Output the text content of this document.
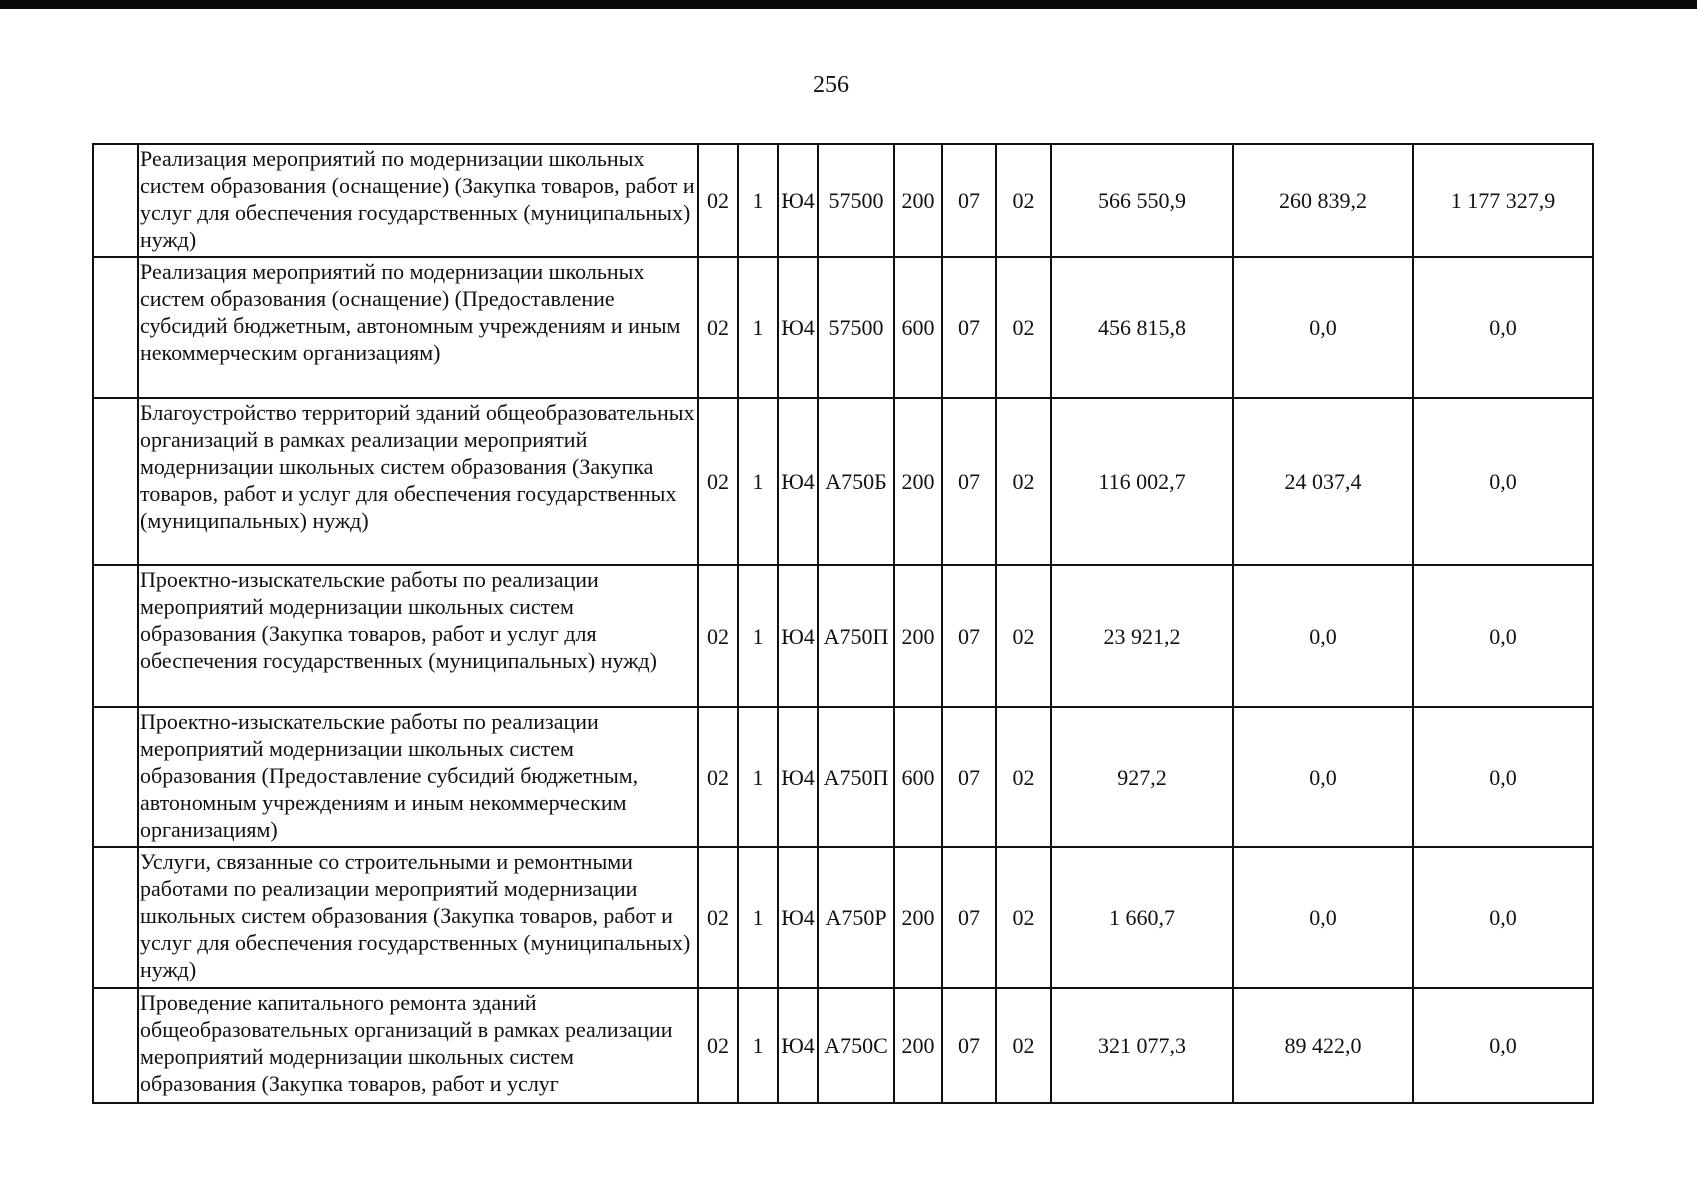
256
	Реализация мероприятий по модернизации школьных систем образования (оснащение) (Закупка товаров, работ и услуг для обеспечения государственных (муниципальных) нужд)	02	1	Ю4	57500	200	07	02	566 550,9	260 839,2	1 177 327,9
	Реализация мероприятий по модернизации школьных систем образования (оснащение) (Предоставление субсидий бюджетным, автономным учреждениям и иным некоммерческим организациям)	02	1	Ю4	57500	600	07	02	456 815,8	0,0	0,0
	Благоустройство территорий зданий общеобразовательных организаций в рамках реализации мероприятий модернизации школьных систем образования (Закупка товаров, работ и услуг для обеспечения государственных (муниципальных) нужд)	02	1	Ю4	А750Б	200	07	02	116 002,7	24 037,4	0,0
	Проектно-изыскательские работы по реализации мероприятий модернизации школьных систем образования (Закупка товаров, работ и услуг для обеспечения государственных (муниципальных) нужд)	02	1	Ю4	А750П	200	07	02	23 921,2	0,0	0,0
	Проектно-изыскательские работы по реализации мероприятий модернизации школьных систем образования (Предоставление субсидий бюджетным, автономным учреждениям и иным некоммерческим организациям)	02	1	Ю4	А750П	600	07	02	927,2	0,0	0,0
	Услуги, связанные со строительными и ремонтными работами по реализации мероприятий модернизации школьных систем образования (Закупка товаров, работ и услуг для обеспечения государственных (муниципальных) нужд)	02	1	Ю4	А750Р	200	07	02	1 660,7	0,0	0,0
	Проведение капитального ремонта зданий общеобразовательных организаций в рамках реализации мероприятий модернизации школьных систем образования (Закупка товаров, работ и услуг	02	1	Ю4	А750С	200	07	02	321 077,3	89 422,0	0,0
